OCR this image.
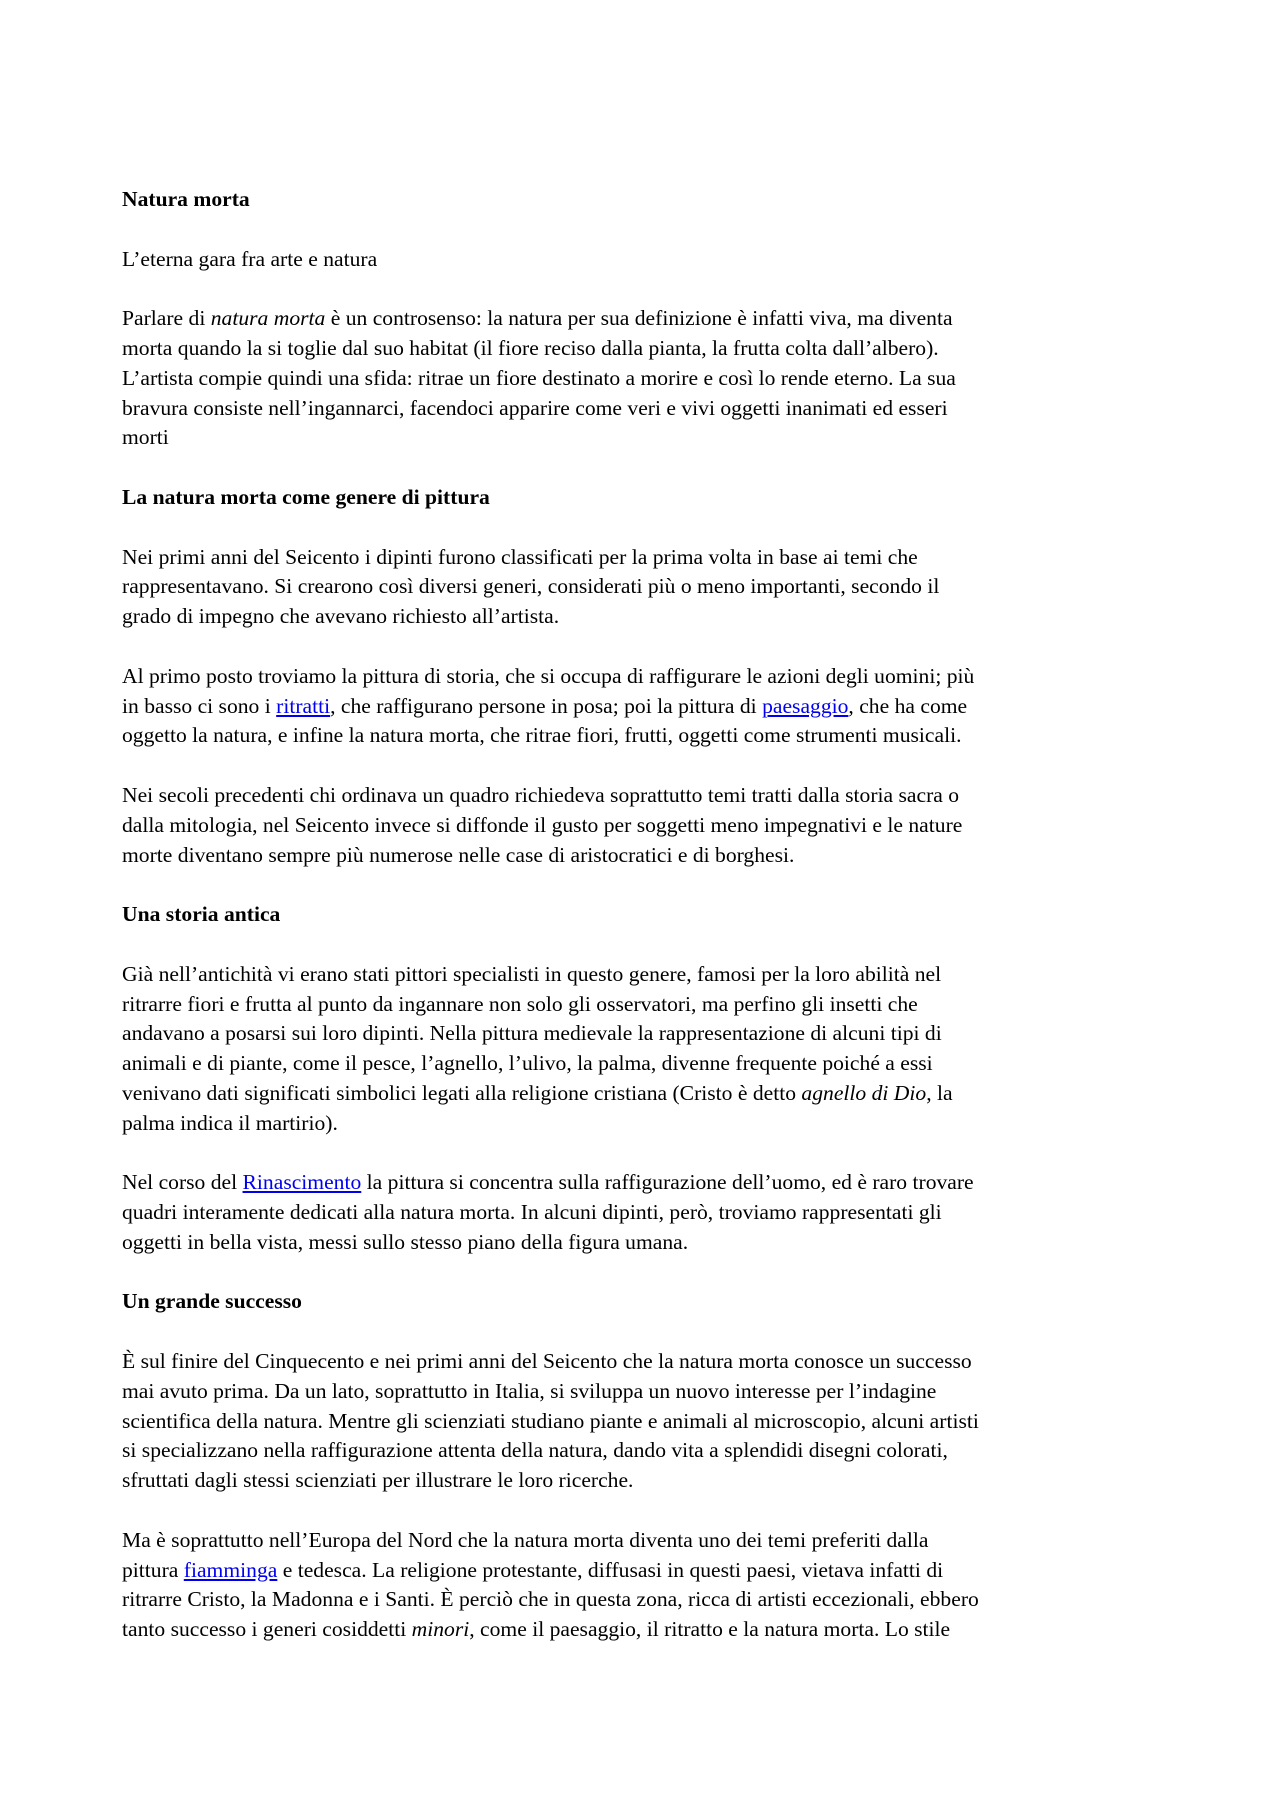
Natura morta
L’eterna gara fra arte e natura
Parlare di natura morta è un controsenso: la natura per sua definizione è infatti viva, ma diventa
morta quando la si toglie dal suo habitat (il fiore reciso dalla pianta, la frutta colta dall’albero).
L’artista compie quindi una sfida: ritrae un fiore destinato a morire e così lo rende eterno. La sua
bravura consiste nell’ingannarci, facendoci apparire come veri e vivi oggetti inanimati ed esseri
morti
La natura morta come genere di pittura
Nei primi anni del Seicento i dipinti furono classificati per la prima volta in base ai temi che
rappresentavano. Si crearono così diversi generi, considerati più o meno importanti, secondo il
grado di impegno che avevano richiesto all’artista.
Al primo posto troviamo la pittura di storia, che si occupa di raffigurare le azioni degli uomini; più
in basso ci sono i ritratti, che raffigurano persone in posa; poi la pittura di paesaggio, che ha come
oggetto la natura, e infine la natura morta, che ritrae fiori, frutti, oggetti come strumenti musicali.
Nei secoli precedenti chi ordinava un quadro richiedeva soprattutto temi tratti dalla storia sacra o
dalla mitologia, nel Seicento invece si diffonde il gusto per soggetti meno impegnativi e le nature
morte diventano sempre più numerose nelle case di aristocratici e di borghesi.
Una storia antica
Già nell’antichità vi erano stati pittori specialisti in questo genere, famosi per la loro abilità nel
ritrarre fiori e frutta al punto da ingannare non solo gli osservatori, ma perfino gli insetti che
andavano a posarsi sui loro dipinti. Nella pittura medievale la rappresentazione di alcuni tipi di
animali e di piante, come il pesce, l’agnello, l’ulivo, la palma, divenne frequente poiché a essi
venivano dati significati simbolici legati alla religione cristiana (Cristo è detto agnello di Dio, la
palma indica il martirio).
Nel corso del Rinascimento la pittura si concentra sulla raffigurazione dell’uomo, ed è raro trovare
quadri interamente dedicati alla natura morta. In alcuni dipinti, però, troviamo rappresentati gli
oggetti in bella vista, messi sullo stesso piano della figura umana.
Un grande successo
È sul finire del Cinquecento e nei primi anni del Seicento che la natura morta conosce un successo
mai avuto prima. Da un lato, soprattutto in Italia, si sviluppa un nuovo interesse per l’indagine
scientifica della natura. Mentre gli scienziati studiano piante e animali al microscopio, alcuni artisti
si specializzano nella raffigurazione attenta della natura, dando vita a splendidi disegni colorati,
sfruttati dagli stessi scienziati per illustrare le loro ricerche.
Ma è soprattutto nell’Europa del Nord che la natura morta diventa uno dei temi preferiti dalla
pittura fiamminga e tedesca. La religione protestante, diffusasi in questi paesi, vietava infatti di
ritrarre Cristo, la Madonna e i Santi. È perciò che in questa zona, ricca di artisti eccezionali, ebbero
tanto successo i generi cosiddetti minori, come il paesaggio, il ritratto e la natura morta. Lo stile
